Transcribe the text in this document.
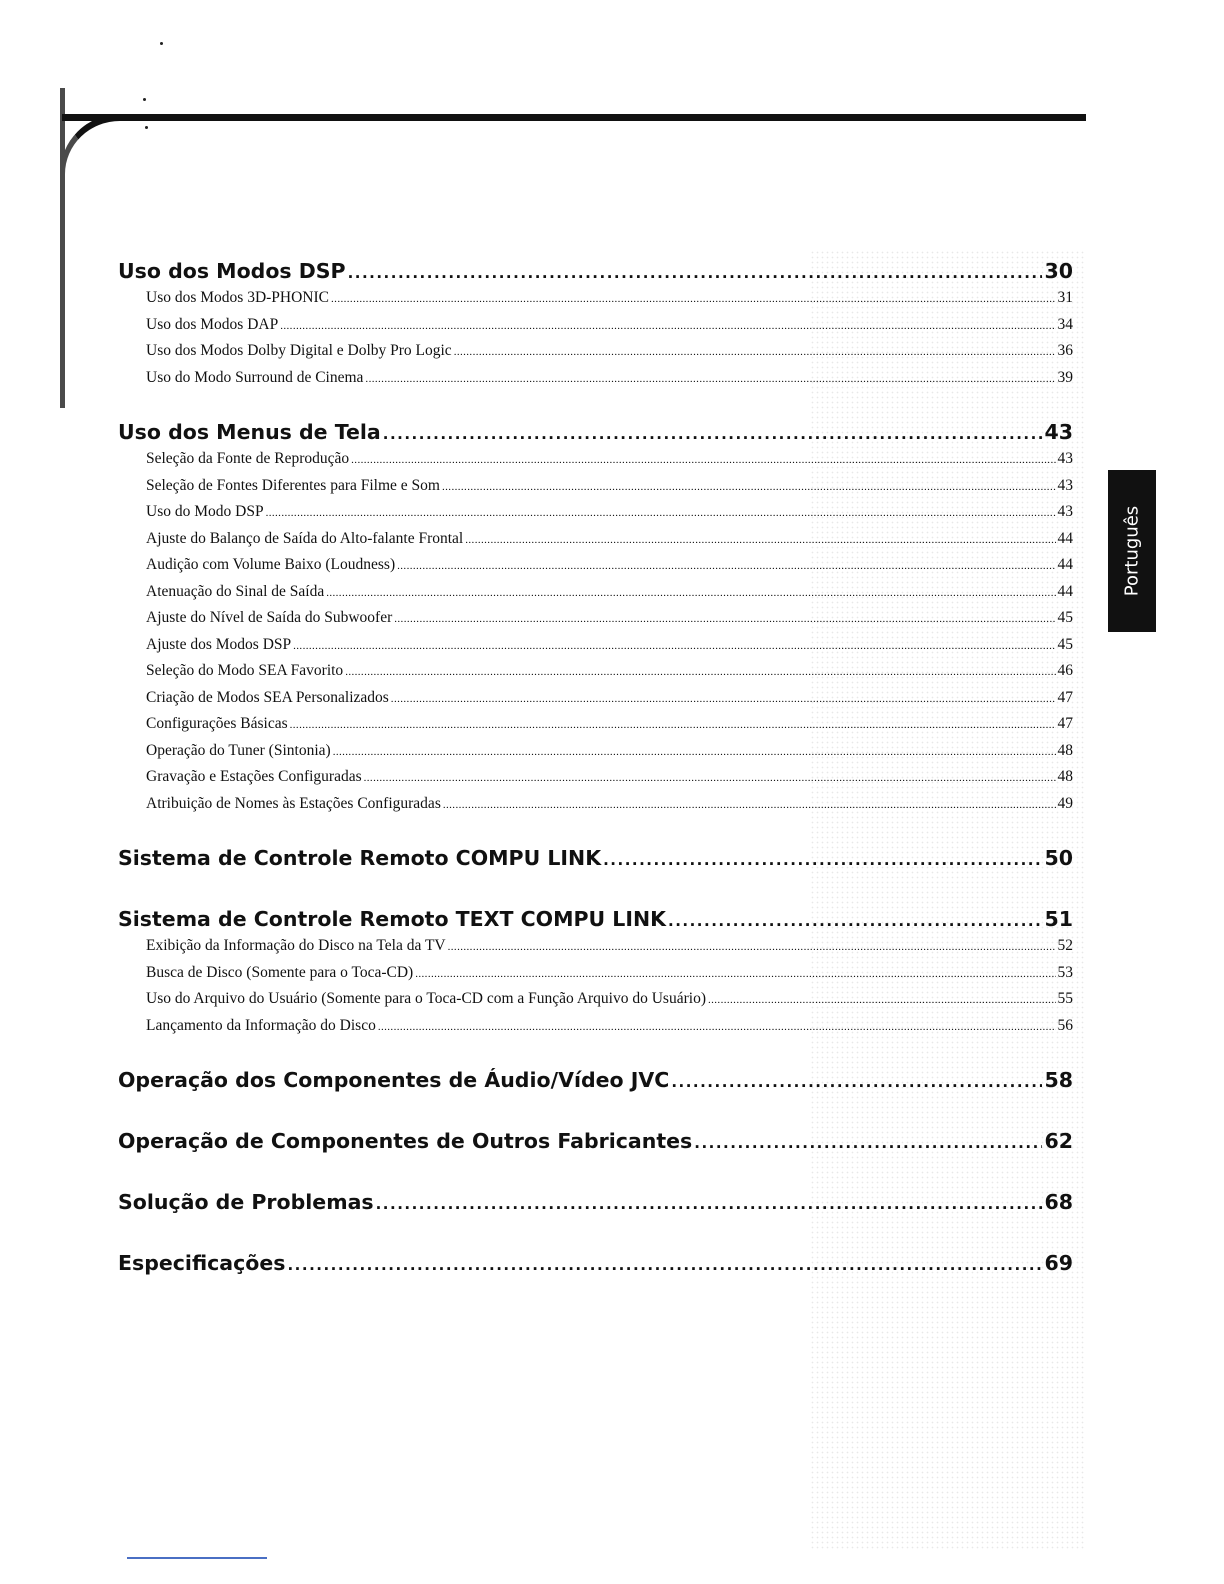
Uso dos Modos DSP .....	30
Uso dos Modos 3D-PHONIC .....	31
Uso dos Modos DAP .....	34
Uso dos Modos Dolby Digital e Dolby Pro Logic .....	36
Uso do Modo Surround de Cinema .....	39
Uso dos Menus de Tela .....	43
Seleção da Fonte de Reprodução .....	43
Seleção de Fontes Diferentes para Filme e Som .....	43
Uso do Modo DSP .....	43
Ajuste do Balanço de Saída do Alto-falante Frontal .....	44
Audição com Volume Baixo (Loudness) .....	44
Atenuação do Sinal de Saída .....	44
Ajuste do Nível de Saída do Subwoofer .....	45
Ajuste dos Modos DSP .....	45
Seleção do Modo SEA Favorito .....	46
Criação de Modos SEA Personalizados .....	47
Configurações Básicas .....	47
Operação do Tuner (Sintonia) .....	48
Gravação e Estações Configuradas .....	48
Atribuição de Nomes às Estações Configuradas .....	49
Sistema de Controle Remoto COMPU LINK .....	50
Sistema de Controle Remoto TEXT COMPU LINK .....	51
Exibição da Informação do Disco na Tela da TV .....	52
Busca de Disco (Somente para o Toca-CD) .....	53
Uso do Arquivo do Usuário (Somente para o Toca-CD com a Função Arquivo do Usuário) .....	55
Lançamento da Informação do Disco .....	56
Operação dos Componentes de Áudio/Vídeo JVC .....	58
Operação de Componentes de Outros Fabricantes .....	62
Solução de Problemas .....	68
Especificações .....	69
Português
